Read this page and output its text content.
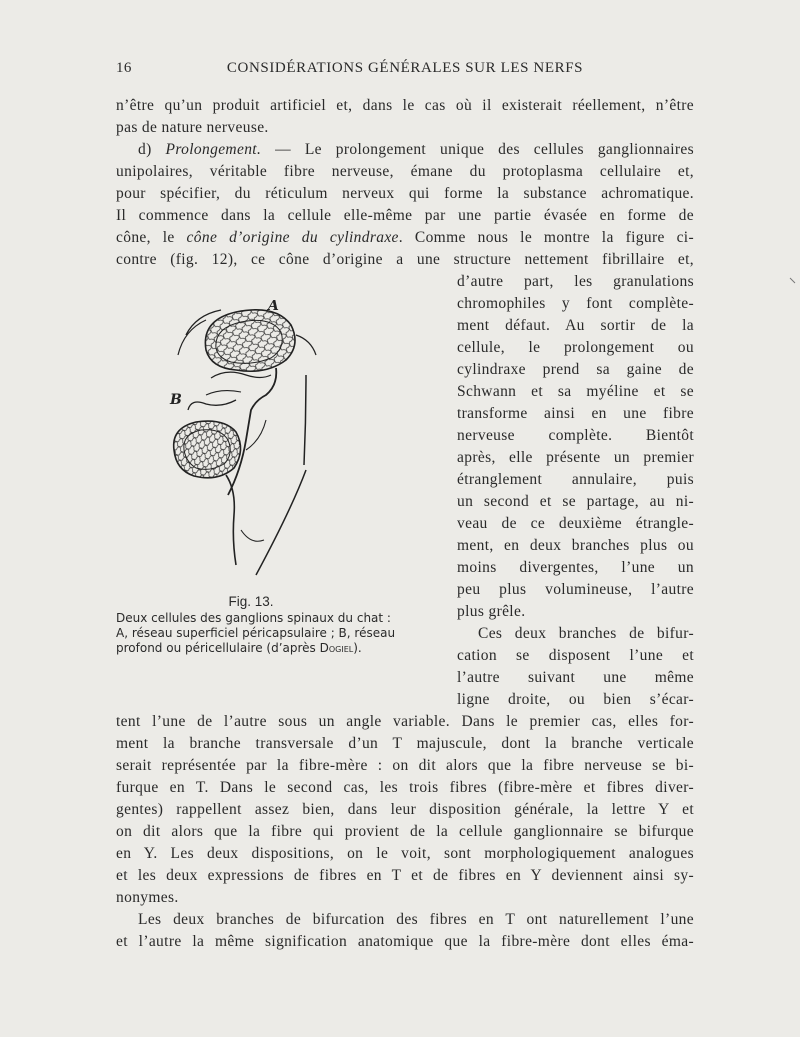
16	CONSIDÉRATIONS GÉNÉRALES SUR LES NERFS
n’être qu’un produit artificiel et, dans le cas où il existerait réellement, n’être
pas de nature nerveuse.
d) Prolongement. — Le prolongement unique des cellules ganglionnaires
unipolaires, véritable fibre nerveuse, émane du protoplasma cellulaire et,
pour spécifier, du réticulum nerveux qui forme la substance achromatique.
Il commence dans la cellule elle-même par une partie évasée en forme de
cône, le cône d’origine du cylindraxe. Comme nous le montre la figure ci-
contre (fig. 12), ce cône d’origine a une structure nettement fibrillaire et,
d’autre part, les granulations
chromophiles y font complète-
ment défaut. Au sortir de la
cellule, le prolongement ou
cylindraxe prend sa gaine de
Schwann et sa myéline et se
transforme ainsi en une fibre
nerveuse complète. Bientôt
après, elle présente un premier
étranglement annulaire, puis
un second et se partage, au ni-
veau de ce deuxième étrangle-
ment, en deux branches plus ou
moins divergentes, l’une un
peu plus volumineuse, l’autre
plus grêle.
Ces deux branches de bifur-
cation se disposent l’une et
l’autre suivant une même
ligne droite, ou bien s’écar-
A
B
Fig. 13.
Deux cellules des ganglions spinaux du chat :
A, réseau superficiel péricapsulaire ; B, réseau
profond ou péricellulaire (d’après Dogiel).
tent l’une de l’autre sous un angle variable. Dans le premier cas, elles for-
ment la branche transversale d’un T majuscule, dont la branche verticale
serait représentée par la fibre-mère : on dit alors que la fibre nerveuse se bi-
furque en T. Dans le second cas, les trois fibres (fibre-mère et fibres diver-
gentes) rappellent assez bien, dans leur disposition générale, la lettre Y et
on dit alors que la fibre qui provient de la cellule ganglionnaire se bifurque
en Y. Les deux dispositions, on le voit, sont morphologiquement analogues
et les deux expressions de fibres en T et de fibres en Y deviennent ainsi sy-
nonymes.
Les deux branches de bifurcation des fibres en T ont naturellement l’une
et l’autre la même signification anatomique que la fibre-mère dont elles éma-
